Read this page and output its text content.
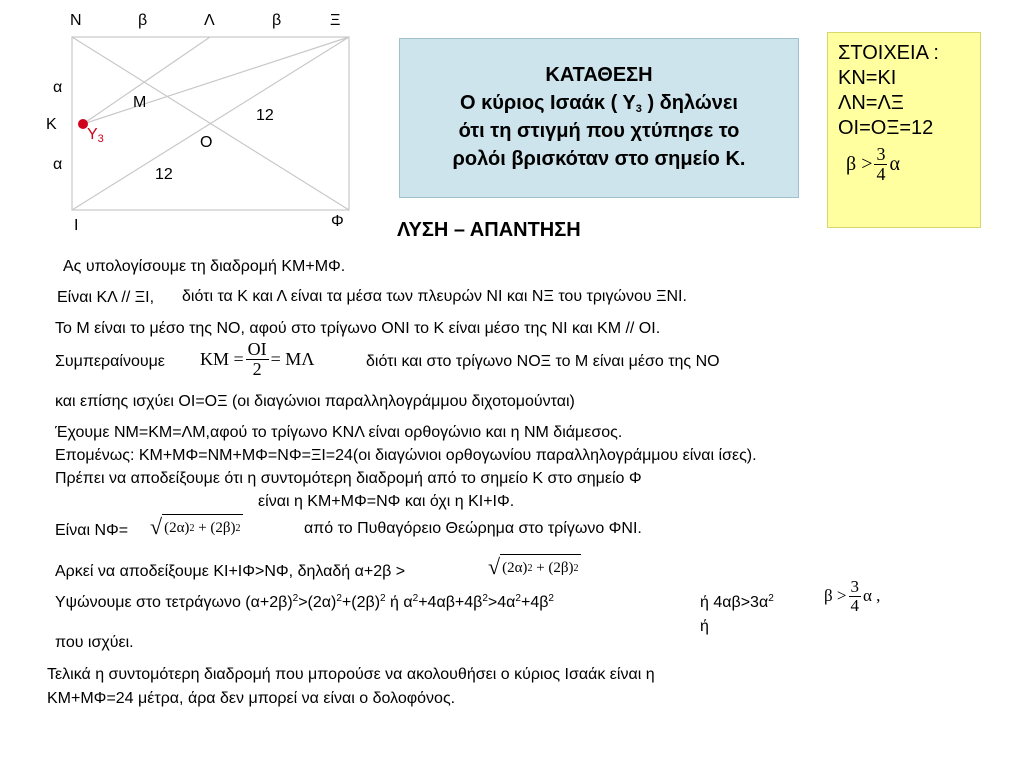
N	β	Λ	β	Ξ
α
K
α
I	Φ
M
O
12
12
$Y_3$
ΚΑΤΑΘΕΣΗ
Ο κύριος Ισαάκ ( $\Upsilon_3$ ) δηλώνει
ότι τη στιγμή που χτύπησε το
ρολόι βρισκόταν στο σημείο Κ.
ΣΤΟΙΧΕΙΑ :
ΚΝ=ΚΙ
ΛΝ=ΛΞ
ΟΙ=ΟΞ=12
β
> $\frac{3}{4}$ α
ΛΥΣΗ – ΑΠΑΝΤΗΣΗ
Ας υπολογίσουμε τη διαδρομή ΚΜ+ΜΦ.
Είναι ΚΛ // ΞΙ, διότι τα Κ και Λ είναι τα μέσα των πλευρών ΝΙ και ΝΞ του τριγώνου ΞΝΙ.
Το Μ είναι το μέσο της ΝΟ, αφού στο τρίγωνο ΟΝΙ το Κ είναι μέσο της ΝΙ και ΚΜ // ΟΙ.
Συμπεραίνουμε KM = $\frac{OI}{2} = M\Lambda$	διότι και στο τρίγωνο ΝΟΞ το Μ είναι μέσο της ΝΟ
και επίσης ισχύει ΟΙ=ΟΞ (οι διαγώνιοι παραλληλογράμμου διχοτομούνται)
Έχουμε ΝΜ=ΚΜ=ΛΜ,αφού το τρίγωνο ΚΝΛ είναι ορθογώνιο και η ΝΜ διάμεσος.
Επομένως: ΚΜ+ΜΦ=ΝΜ+ΜΦ=ΝΦ=ΞΙ=24(οι διαγώνιοι ορθογωνίου παραλληλογράμμου είναι ίσες).
Πρέπει να αποδείξουμε ότι η συντομότερη διαδρομή από το σημείο Κ στο σημείο Φ
είναι η ΚΜ+ΜΦ=ΝΦ και όχι η ΚΙ+ΙΦ.
Είναι ΝΦ= √ (2α) 2
+
(2β) 2	από το Πυθαγόρειο Θεώρημα στο τρίγωνο ΦΝΙ.
Αρκεί να αποδείξουμε ΚΙ+ΙΦ>ΝΦ, δηλαδή α+2β >	√ (2α) 2
+
(2β) 2
Υψώνουμε στο τετράγωνο $(\alpha+2\beta)^2>(2\alpha)^2+(2\beta)^2$ ή $\alpha^2+4\alpha\beta+4\beta^2>4\alpha^2+4\beta^2$	ή $4\alpha\beta>3\alpha^2$
ή
$\beta > \frac{3}{4}$ α ,
που ισχύει.
Τελικά η συντομότερη διαδρομή που μπορούσε να ακολουθήσει ο κύριος Ισαάκ είναι η
ΚΜ+ΜΦ=24 μέτρα, άρα δεν μπορεί να είναι ο δολοφόνος.
